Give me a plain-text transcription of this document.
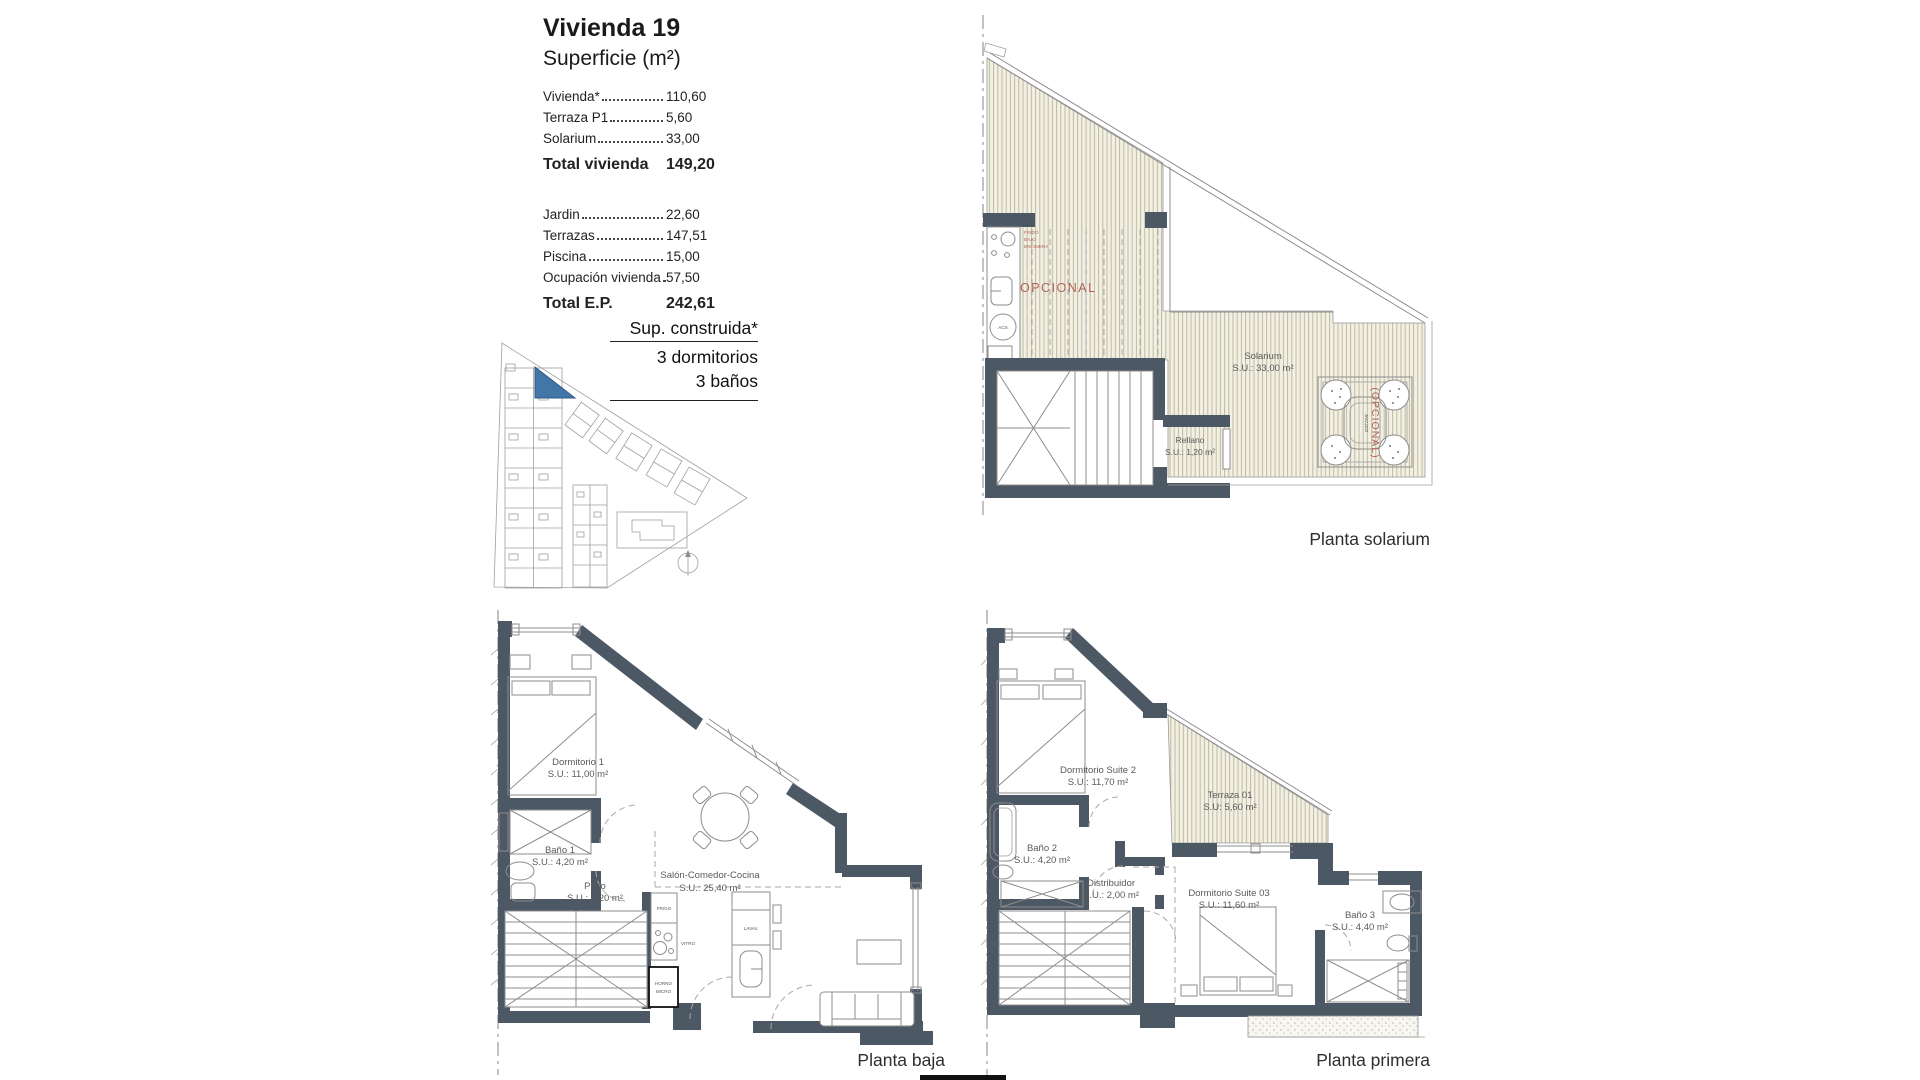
Vivienda 19
Superficie (m²)
Vivienda*	110,60
Terraza P1	5,60
Solarium	33,00
Total vivienda 149,20
Jardin	22,60
Terrazas	147,51
Piscina	15,00
Ocupación vivienda 57,50
Total E.P.	242,61
Sup. construida*
3 dormitorios
3 baños
ACS
FRIGO
BAJO
ENCIMERA
OPCIONAL
Rellano
S.U.: 1,20 m²
JACUZZI (OPCIONAL)
Solarium
S.U.: 33,00 m²
Planta solarium
FRIGO
VITRO
HORNO
MICRO
LAVAV.
Dormitorio 1
S.U.: 11,00 m²
Baño 1
S.U.: 4,20 m²
Paso
S.U.: 1,20 m²
Salón-Comedor-Cocina
S.U.: 25,40 m²
Planta baja
Dormitorio Suite 2
S.U.: 11,70 m²
Terraza 01
S.U: 5,60 m²
Baño 2
S.U.: 4,20 m²
Distribuidor
S.U.: 2,00 m²	Dormitorio Suite 03
S.U.: 11,60 m²
Baño 3
S.U.: 4,40 m²
Planta primera
